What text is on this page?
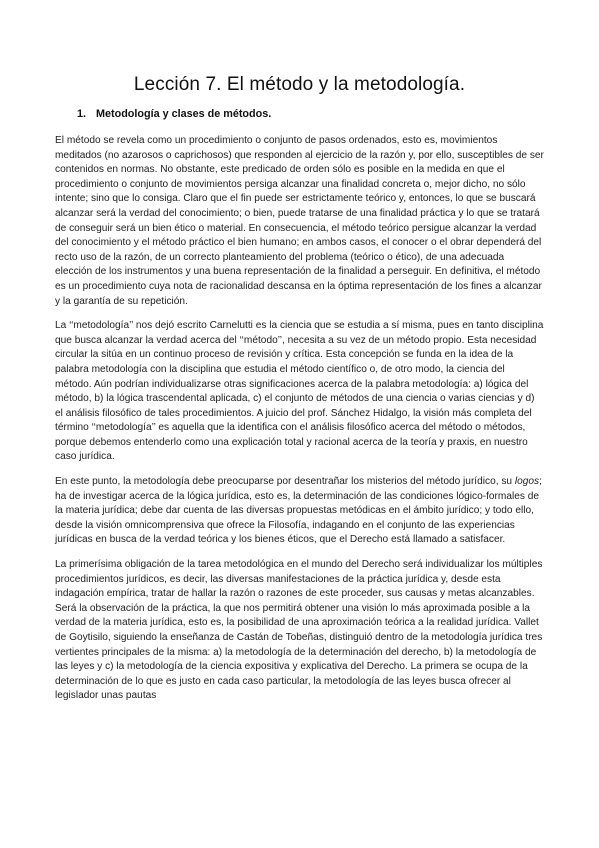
Lección 7. El método y la metodología.
1. Metodología y clases de métodos.

El método se revela como un procedimiento o conjunto de pasos ordenados, esto es, movimientos meditados (no azarosos o caprichosos) que responden al ejercicio de la razón y, por ello, susceptibles de ser contenidos en normas. No obstante, este predicado de orden sólo es posible en la medida en que el procedimiento o conjunto de movimientos persiga alcanzar una finalidad concreta o, mejor dicho, no sólo intente; sino que lo consiga. Claro que el fin puede ser estrictamente teórico y, entonces, lo que se buscará alcanzar será la verdad del conocimiento; o bien, puede tratarse de una finalidad práctica y lo que se tratará de conseguir será un bien ético o material. En consecuencia, el método teórico persigue alcanzar la verdad del conocimiento y el método práctico el bien humano; en ambos casos, el conocer o el obrar dependerá del recto uso de la razón, de un correcto planteamiento del problema (teórico o ético), de una adecuada elección de los instrumentos y una buena representación de la finalidad a perseguir. En definitiva, el método es un procedimiento cuya nota de racionalidad descansa en la óptima representación de los fines a alcanzar y la garantía de su repetición.

La ‘‘metodología’’ nos dejó escrito Carnelutti es la ciencia que se estudia a sí misma, pues en tanto disciplina que busca alcanzar la verdad acerca del ‘‘método’’, necesita a su vez de un método propio. Esta necesidad circular la sitúa en un continuo proceso de revisión y crítica. Esta concepción se funda en la idea de la palabra metodología con la disciplina que estudia el método científico o, de otro modo, la ciencia del método. Aún podrían individualizarse otras significaciones acerca de la palabra metodología: a) lógica del método, b) la lógica trascendental aplicada, c) el conjunto de métodos de una ciencia o varias ciencias y d) el análisis filosófico de tales procedimientos. A juicio del prof. Sánchez Hidalgo, la visión más completa del término ‘‘metodología’’ es aquella que la identifica con el análisis filosófico acerca del método o métodos, porque debemos entenderlo como una explicación total y racional acerca de la teoría y praxis, en nuestro caso jurídica.

En este punto, la metodología debe preocuparse por desentrañar los misterios del método jurídico, su logos; ha de investigar acerca de la lógica jurídica, esto es, la determinación de las condiciones lógico-formales de la materia jurídica; debe dar cuenta de las diversas propuestas metódicas en el ámbito jurídico; y todo ello, desde la visión omnicomprensiva que ofrece la Filosofía, indagando en el conjunto de las experiencias jurídicas en busca de la verdad teórica y los bienes éticos, que el Derecho está llamado a satisfacer.

La primerísima obligación de la tarea metodológica en el mundo del Derecho será individualizar los múltiples procedimientos jurídicos, es decir, las diversas manifestaciones de la práctica jurídica y, desde esta indagación empírica, tratar de hallar la razón o razones de este proceder, sus causas y metas alcanzables. Será la observación de la práctica, la que nos permitirá obtener una visión lo más aproximada posible a la verdad de la materia jurídica, esto es, la posibilidad de una aproximación teórica a la realidad jurídica. Vallet de Goytisilo, siguiendo la enseñanza de Castán de Tobeñas, distinguió dentro de la metodología jurídica tres vertientes principales de la misma: a) la metodología de la determinación del derecho, b) la metodología de las leyes y c) la metodología de la ciencia expositiva y explicativa del Derecho. La primera se ocupa de la determinación de lo que es justo en cada caso particular, la metodología de las leyes busca ofrecer al legislador unas pautas
